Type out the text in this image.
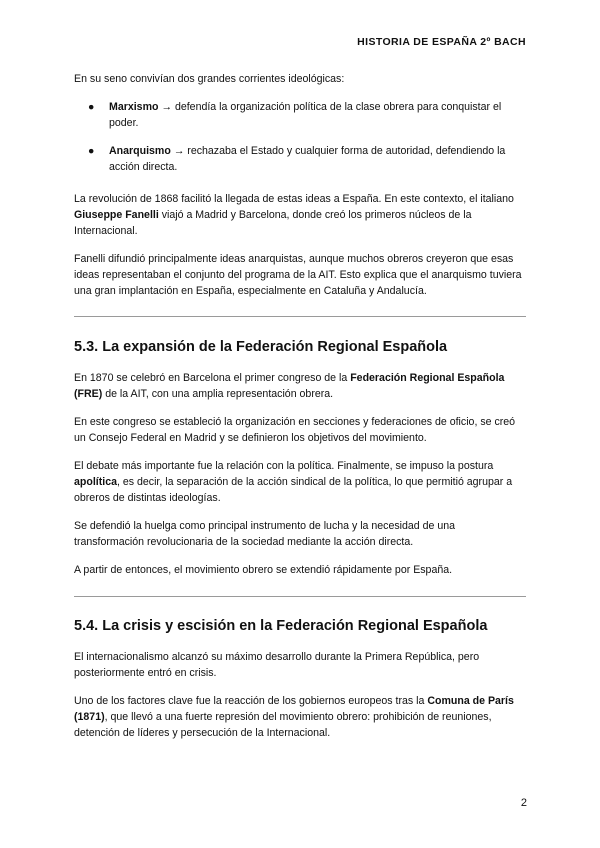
HISTORIA DE ESPAÑA 2º BACH

En su seno convivían dos grandes corrientes ideológicas:

● Marxismo → defendía la organización política de la clase obrera para conquistar el poder.
● Anarquismo → rechazaba el Estado y cualquier forma de autoridad, defendiendo la acción directa.

La revolución de 1868 facilitó la llegada de estas ideas a España. En este contexto, el italiano Giuseppe Fanelli viajó a Madrid y Barcelona, donde creó los primeros núcleos de la Internacional.

Fanelli difundió principalmente ideas anarquistas, aunque muchos obreros creyeron que esas ideas representaban el conjunto del programa de la AIT. Esto explica que el anarquismo tuviera una gran implantación en España, especialmente en Cataluña y Andalucía.

5.3. La expansión de la Federación Regional Española

En 1870 se celebró en Barcelona el primer congreso de la Federación Regional Española (FRE) de la AIT, con una amplia representación obrera.

En este congreso se estableció la organización en secciones y federaciones de oficio, se creó un Consejo Federal en Madrid y se definieron los objetivos del movimiento.

El debate más importante fue la relación con la política. Finalmente, se impuso la postura apolítica, es decir, la separación de la acción sindical de la política, lo que permitió agrupar a obreros de distintas ideologías.

Se defendió la huelga como principal instrumento de lucha y la necesidad de una transformación revolucionaria de la sociedad mediante la acción directa.

A partir de entonces, el movimiento obrero se extendió rápidamente por España.

5.4. La crisis y escisión en la Federación Regional Española

El internacionalismo alcanzó su máximo desarrollo durante la Primera República, pero posteriormente entró en crisis.

Uno de los factores clave fue la reacción de los gobiernos europeos tras la Comuna de París (1871), que llevó a una fuerte represión del movimiento obrero: prohibición de reuniones, detención de líderes y persecución de la Internacional.

2
